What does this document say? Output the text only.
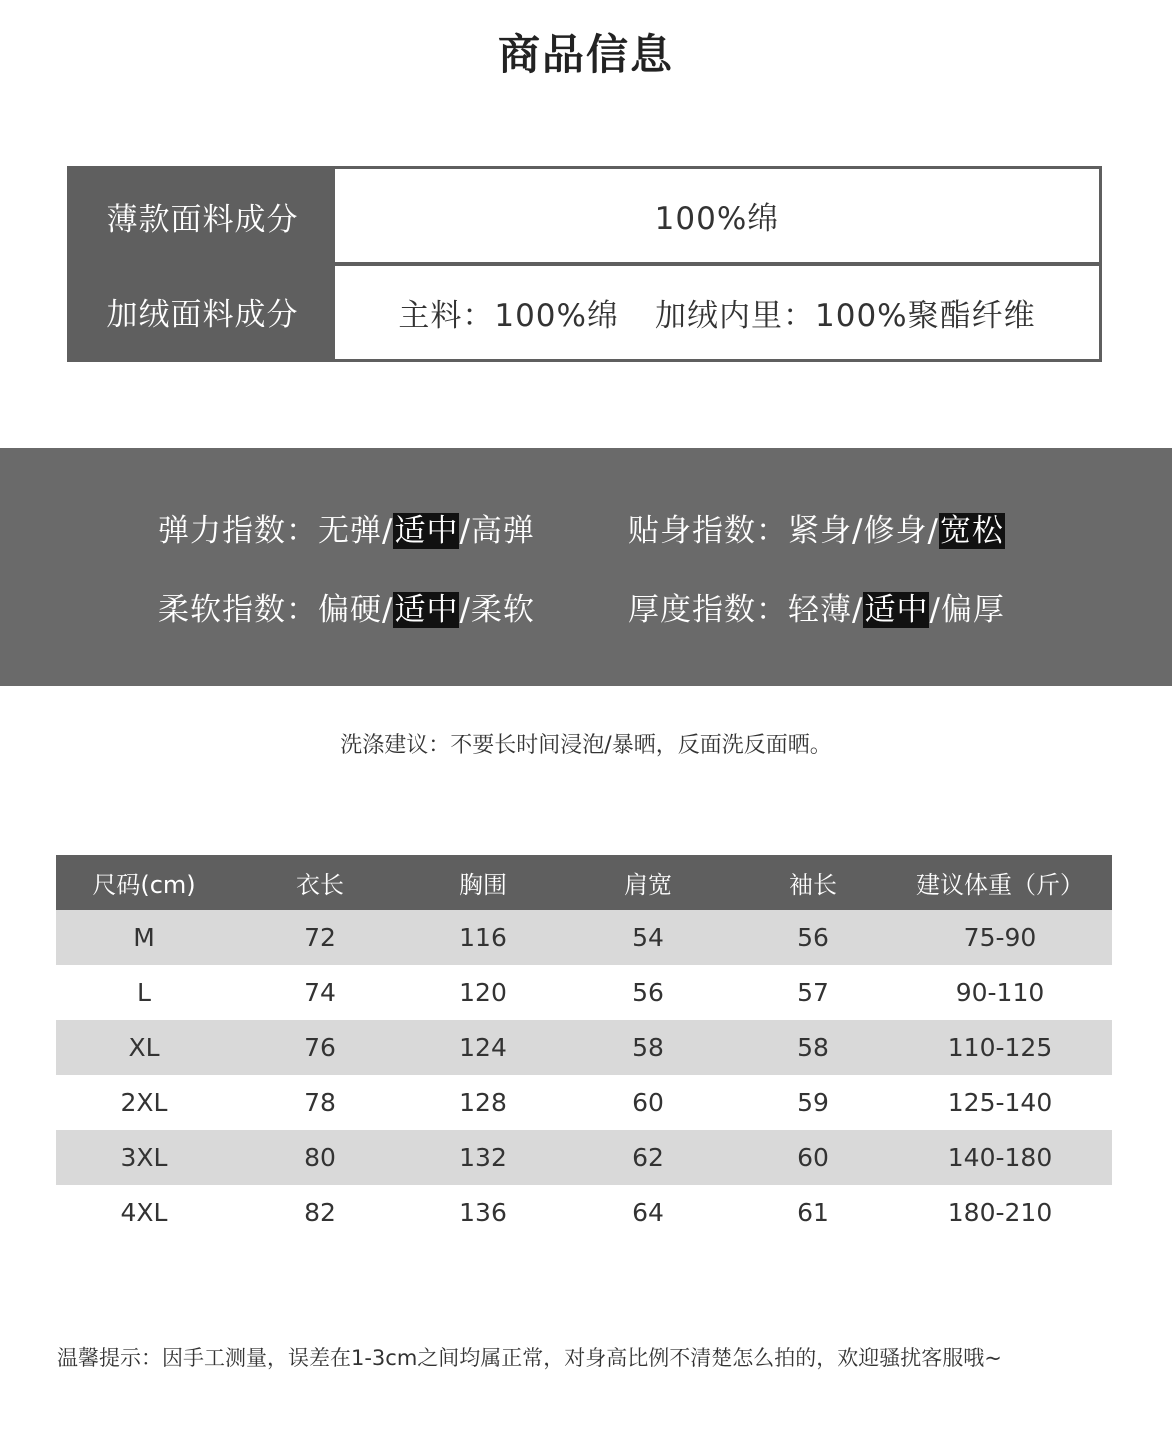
商品信息
薄款面料成分	100%绵
加绒面料成分	主料：100%绵 加绒内里：100%聚酯纤维
弹力指数：无弹/适中/高弹	贴身指数：紧身/修身/宽松
柔软指数：偏硬/适中/柔软	厚度指数：轻薄/适中/偏厚
洗涤建议：不要长时间浸泡/暴晒，反面洗反面晒。
尺码(cm)	衣长	胸围	肩宽	袖长	建议体重（斤）
M	72	116	54	56	75-90
L	74	120	56	57	90-110
XL	76	124	58	58	110-125
2XL	78	128	60	59	125-140
3XL	80	132	62	60	140-180
4XL	82	136	64	61	180-210
温馨提示：因手工测量，误差在1-3cm之间均属正常，对身高比例不清楚怎么拍的，欢迎骚扰客服哦~
